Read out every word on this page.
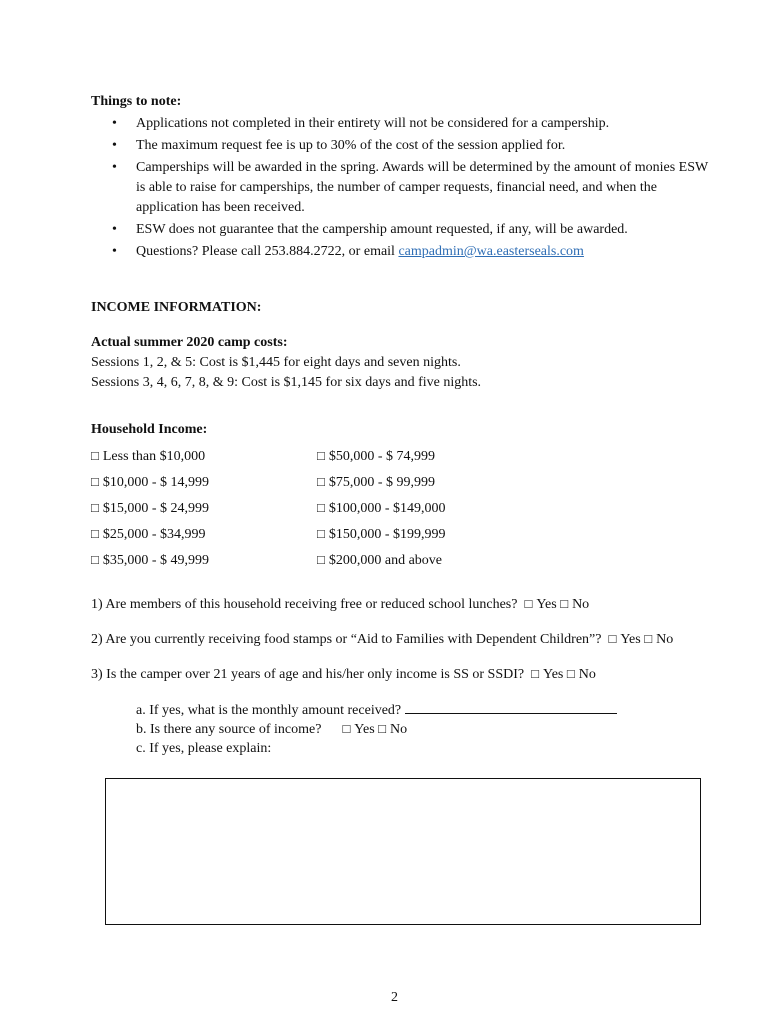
Things to note:
• Applications not completed in their entirety will not be considered for a campership.
• The maximum request fee is up to 30% of the cost of the session applied for.
• Camperships will be awarded in the spring. Awards will be determined by the amount of monies ESW is able to raise for camperships, the number of camper requests, financial need, and when the application has been received.
• ESW does not guarantee that the campership amount requested, if any, will be awarded.
• Questions? Please call 253.884.2722, or email campadmin@wa.easterseals.com
INCOME INFORMATION:
Actual summer 2020 camp costs:
Sessions 1, 2, & 5: Cost is $1,445 for eight days and seven nights.
Sessions 3, 4, 6, 7, 8, & 9: Cost is $1,145 for six days and five nights.
Household Income:
□ Less than $10,000
□ $10,000 - $ 14,999
□ $15,000 - $ 24,999
□ $25,000 - $34,999
□ $35,000 - $ 49,999
□ $50,000 - $ 74,999
□ $75,000 - $ 99,999
□ $100,000 - $149,000
□ $150,000 - $199,999
□ $200,000 and above
1) Are members of this household receiving free or reduced school lunches? □ Yes □ No
2) Are you currently receiving food stamps or “Aid to Families with Dependent Children”? □ Yes □ No
3) Is the camper over 21 years of age and his/her only income is SS or SSDI? □ Yes □ No
a. If yes, what is the monthly amount received?
b. Is there any source of income? □ Yes □ No
c. If yes, please explain:
2
